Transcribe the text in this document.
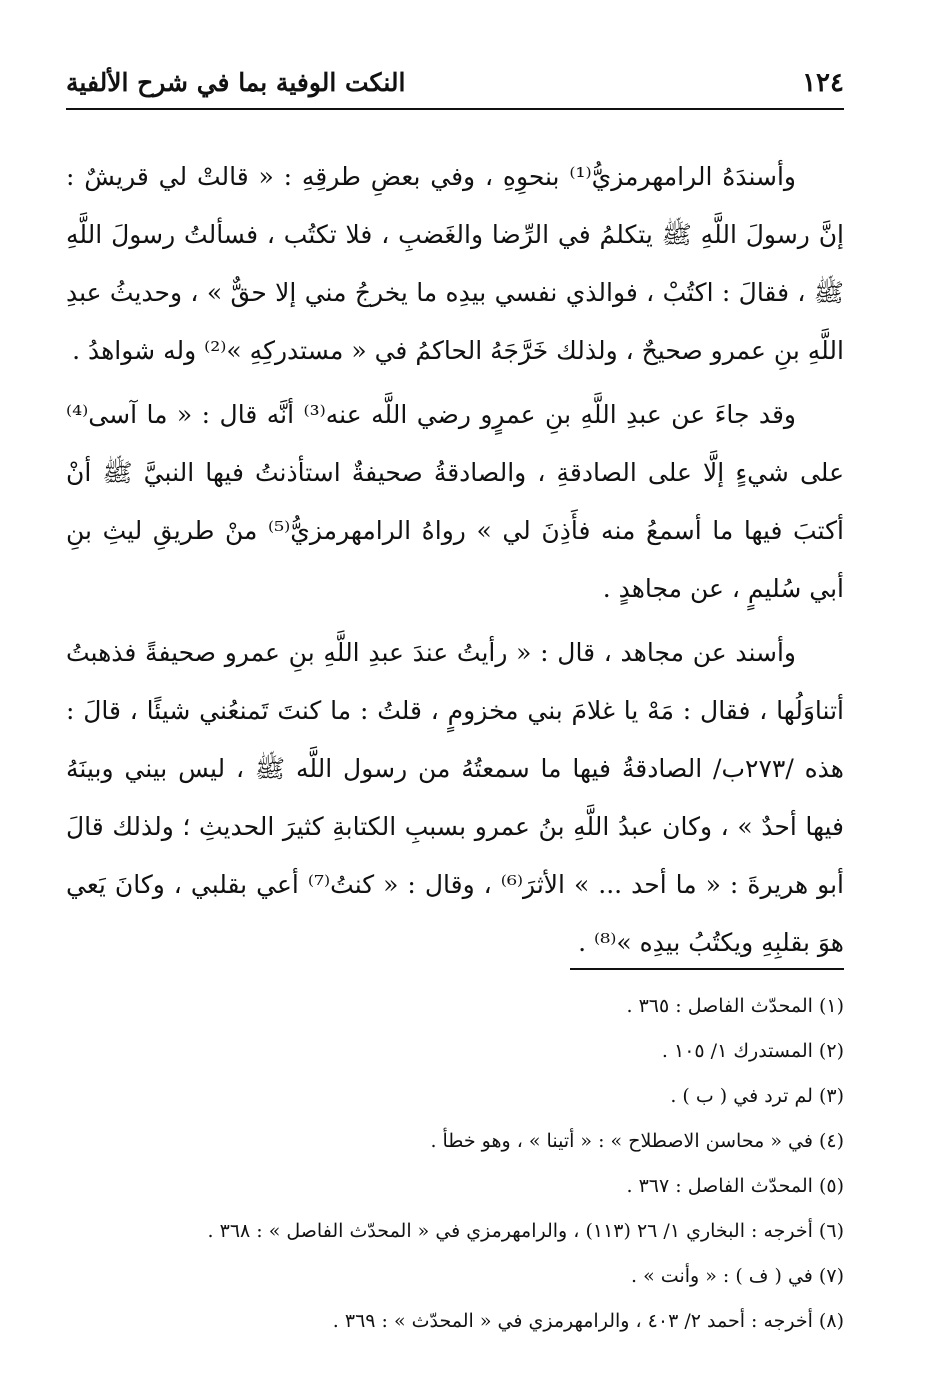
١٢٤
النكت الوفية بما في شرح الألفية

وأسندَهُ الرامهرمزيُّ⁽¹⁾ بنحوِهِ ، وفي بعضِ طرقِهِ : « قالتْ لي قريشٌ : إنَّ رسولَ اللَّهِ ﷺ يتكلمُ في الرِّضا والغَضبِ ، فلا تكتُب ، فسألتُ رسولَ اللَّهِ ﷺ ، فقالَ : اكتُبْ ، فوالذي نفسي بيدِه ما يخرجُ مني إلا حقٌّ » ، وحديثُ عبدِ اللَّهِ بنِ عمرو صحيحٌ ، ولذلك خَرَّجَهُ الحاكمُ في « مستدركِهِ »⁽²⁾ وله شواهدُ .

وقد جاءَ عن عبدِ اللَّهِ بنِ عمرٍو رضي اللَّه عنه⁽³⁾ أنَّه قال : « ما آسى⁽⁴⁾ على شيءٍ إلَّا على الصادقةِ ، والصادقةُ صحيفةٌ استأذنتُ فيها النبيَّ ﷺ أنْ أكتبَ فيها ما أسمعُ منه فأَذِنَ لي » رواهُ الرامهرمزيُّ⁽⁵⁾ منْ طريقِ ليثِ بنِ أبي سُليمٍ ، عن مجاهدٍ .

وأسند عن مجاهد ، قال : « رأيتُ عندَ عبدِ اللَّهِ بنِ عمرو صحيفةً فذهبتُ أتناوَلُها ، فقال : مَهْ يا غلامَ بني مخزومٍ ، قلتُ : ما كنتَ تَمنعُني شيئًا ، قالَ : هذه /٢٧٣ب/ الصادقةُ فيها ما سمعتُهُ من رسول اللَّه ﷺ ، ليس بيني وبينَهُ فيها أحدٌ » ، وكان عبدُ اللَّهِ بنُ عمرو بسببِ الكتابةِ كثيرَ الحديثِ ؛ ولذلك قالَ أبو هريرةَ : « ما أحد ... » الأثرَ⁽⁶⁾ ، وقال : « كنتُ⁽⁷⁾ أعي بقلبي ، وكانَ يَعي هوَ بقلبِهِ ويكتُبُ بيدِه »⁽⁸⁾ .

(١) المحدّث الفاصل : ٣٦٥ .
(٢) المستدرك ١/ ١٠٥ .
(٣) لم ترد في ( ب ) .
(٤) في « محاسن الاصطلاح » : « أتينا » ، وهو خطأ .
(٥) المحدّث الفاصل : ٣٦٧ .
(٦) أخرجه : البخاري ١/ ٢٦ (١١٣) ، والرامهرمزي في « المحدّث الفاصل » : ٣٦٨ .
(٧) في ( ف ) : « وأنت » .
(٨) أخرجه : أحمد ٢/ ٤٠٣ ، والرامهرمزي في « المحدّث » : ٣٦٩ .
